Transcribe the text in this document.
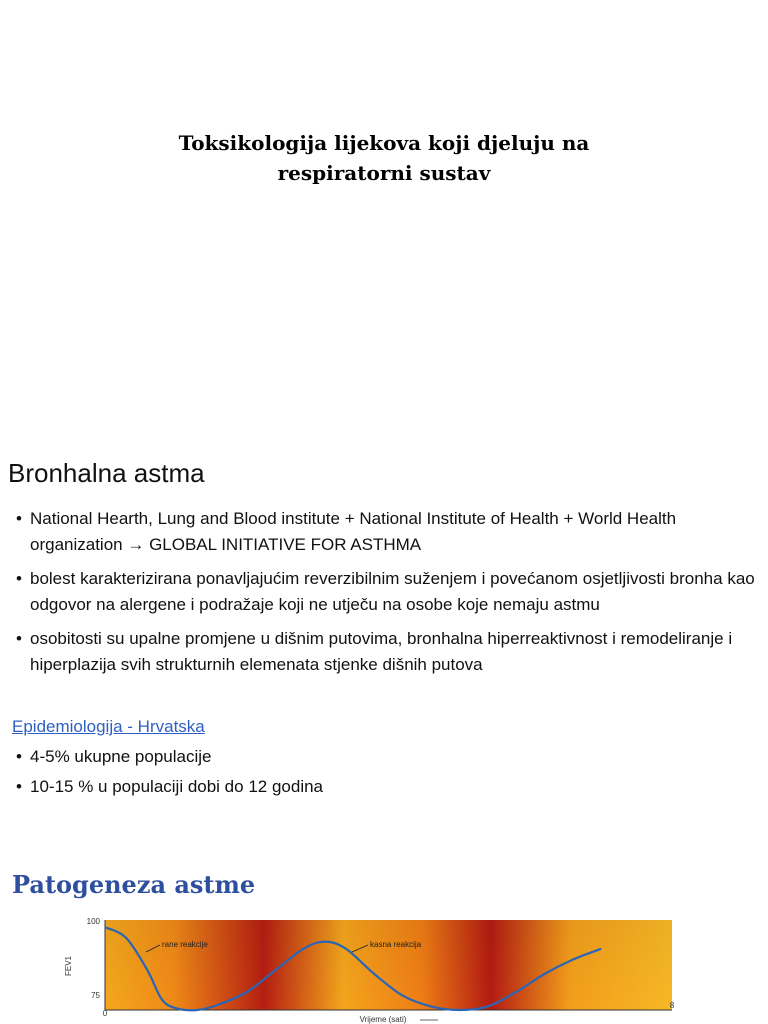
Toksikologija lijekova koji djeluju na
respiratorni sustav
Bronhalna astma
• National Hearth, Lung and Blood institute + National Institute of Health + World Health organization → GLOBAL INITIATIVE FOR ASTHMA
• bolest karakterizirana ponavljajućim reverzibilnim suženjem i povećanom osjetljivosti bronha kao odgovor na alergene i podražaje koji ne utječu na osobe koje nemaju astmu
• osobitosti su upalne promjene u dišnim putovima, bronhalna hiperreaktivnost i remodeliranje i hiperplazija svih strukturnih elemenata stjenke dišnih putova
Epidemiologija - Hrvatska
• 4-5% ukupne populacije
• 10-15 % u populaciji dobi do 12 godina
Patogeneza astme
100
75
0
8
FEV1
Vrijeme (sati)
rane reakcije	kasna reakcija
